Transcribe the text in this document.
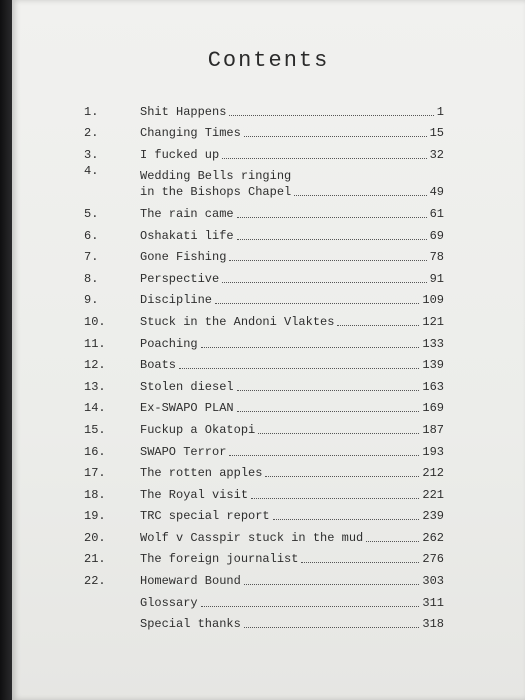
Contents
1.	Shit Happens	1
2.	Changing Times	15
3.	I fucked up	32
4.	Wedding Bells ringing
in the Bishops Chapel	49
5.	The rain came	61
6.	Oshakati life	69
7.	Gone Fishing	78
8.	Perspective	91
9.	Discipline	109
10.	Stuck in the Andoni Vlaktes	121
11.	Poaching	133
12.	Boats	139
13.	Stolen diesel	163
14.	Ex-SWAPO PLAN	169
15.	Fuckup a Okatopi	187
16.	SWAPO Terror	193
17.	The rotten apples	212
18.	The Royal visit	221
19.	TRC special report	239
20.	Wolf v Casspir stuck in the mud	262
21.	The foreign journalist	276
22.	Homeward Bound	303
Glossary	311
Special thanks	318
